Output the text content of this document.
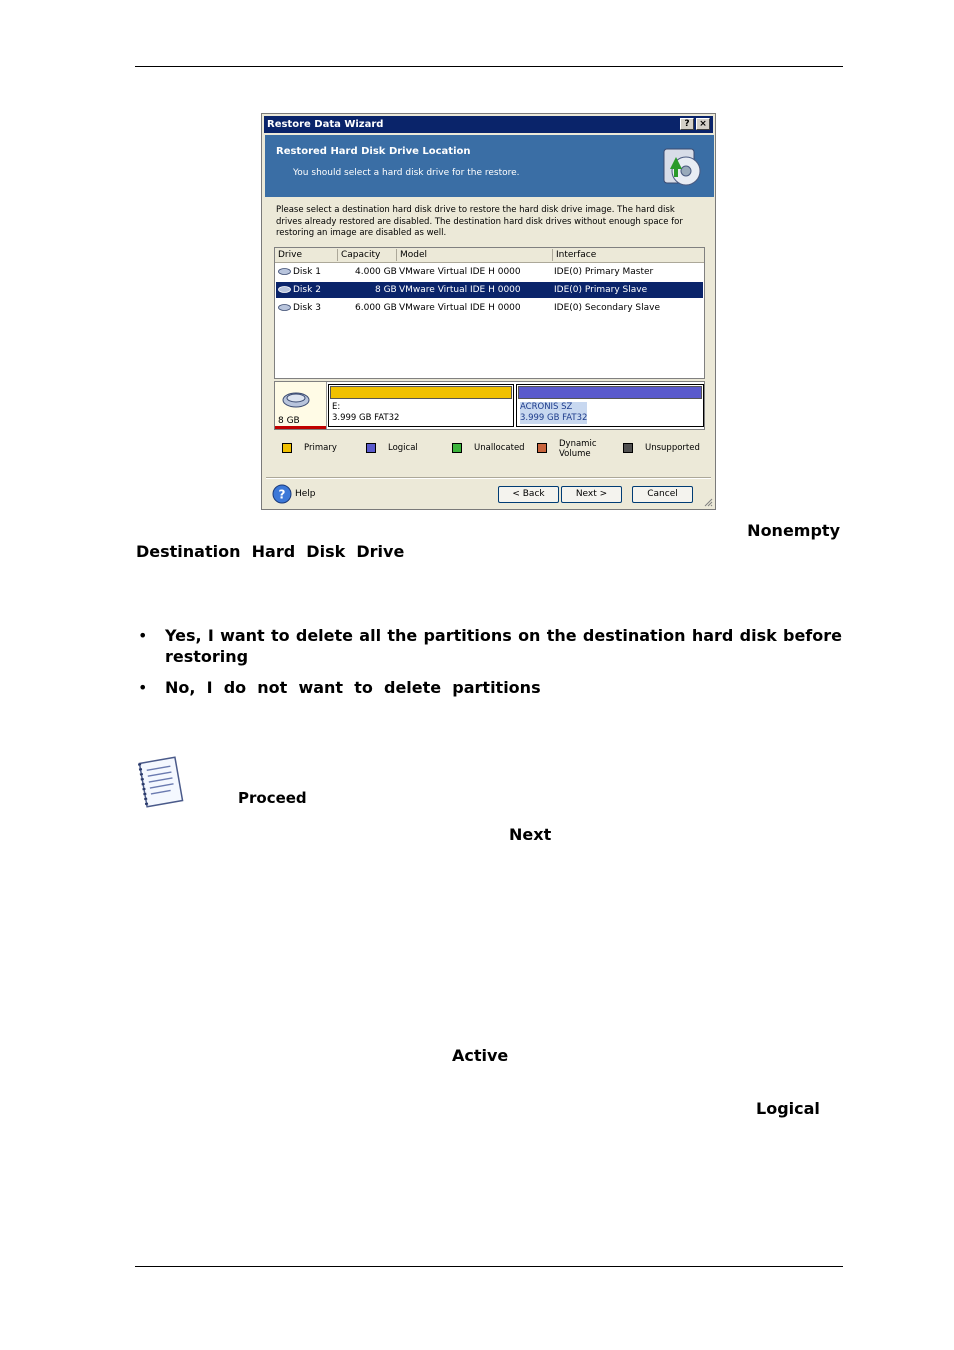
Restore Data Wizard	?	×
Restored Hard Disk Drive Location
You should select a hard disk drive for the restore.
Please select a destination hard disk drive to restore the hard disk drive image. The hard disk drives already restored are disabled. The destination hard disk drives without enough space for restoring an image are disabled as well.
Drive	Capacity	Model	Interface
Disk 1	4.000 GB VMware Virtual IDE H 0000	IDE(0) Primary Master
Disk 2	8 GB VMware Virtual IDE H 0000	IDE(0) Primary Slave
Disk 3	6.000 GB VMware Virtual IDE H 0000	IDE(0) Secondary Slave
8 GB
E:
3.999 GB FAT32
ACRONIS SZ
3.999 GB FAT32
Primary	Logical	Unallocated	Dynamic Volume
Unsupported
? Help	< Back	Next >	Cancel
Nonempty
Destination  Hard  Disk  Drive
• Yes, I want to delete all the partitions on the destination hard disk before restoring
• No,  I  do  not  want  to  delete  partitions
Proceed
Next
Active
Logical
